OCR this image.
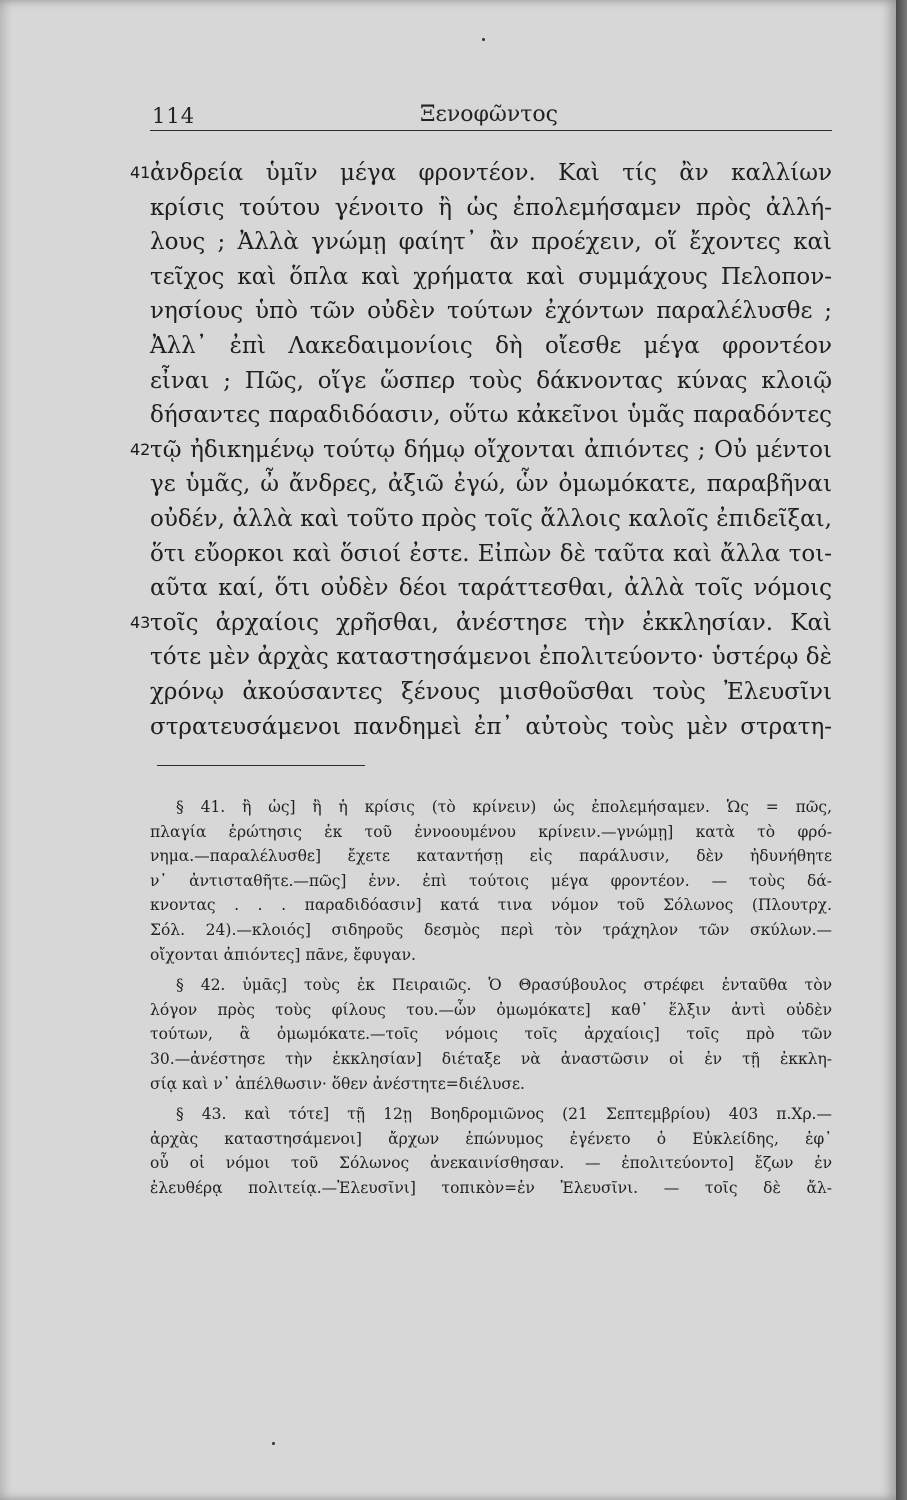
114	Ξενοφῶντος
41 ἀνδρεία ὑμῖν μέγα φροντέον. Καὶ τίς ἂν καλλίων
κρίσις τούτου γένοιτο ἢ ὡς ἐπολεμήσαμεν πρὸς ἀλλή-
λους ; Ἀλλὰ γνώμῃ φαίητ᾽ ἂν προέχειν, οἵ ἔχοντες καὶ
τεῖχος καὶ ὅπλα καὶ χρήματα καὶ συμμάχους Πελοπον-
νησίους ὑπὸ τῶν οὐδὲν τούτων ἐχόντων παραλέλυσθε ;
Ἀλλ᾽ ἐπὶ Λακεδαιμονίοις δὴ οἴεσθε μέγα φροντέον
εἶναι ; Πῶς, οἵγε ὥσπερ τοὺς δάκνοντας κύνας κλοιῷ
δήσαντες παραδιδόασιν, οὕτω κἀκεῖνοι ὑμᾶς παραδόντες
42 τῷ ἠδικημένῳ τούτῳ δήμῳ οἴχονται ἀπιόντες ; Οὐ μέντοι
γε ὑμᾶς, ὦ ἄνδρες, ἀξιῶ ἐγώ, ὧν ὀμωμόκατε, παραβῆναι
οὐδέν, ἀλλὰ καὶ τοῦτο πρὸς τοῖς ἄλλοις καλοῖς ἐπιδεῖξαι,
ὅτι εὔορκοι καὶ ὅσιοί ἐστε. Εἰπὼν δὲ ταῦτα καὶ ἄλλα τοι-
αῦτα καί, ὅτι οὐδὲν δέοι ταράττεσθαι, ἀλλὰ τοῖς νόμοις
43 τοῖς ἀρχαίοις χρῆσθαι, ἀνέστησε τὴν ἐκκλησίαν. Καὶ
τότε μὲν ἀρχὰς καταστησάμενοι ἐπολιτεύοντο· ὑστέρῳ δὲ
χρόνῳ ἀκούσαντες ξένους μισθοῦσθαι τοὺς Ἐλευσῖνι
στρατευσάμενοι πανδημεὶ ἐπ᾽ αὐτοὺς τοὺς μὲν στρατη-
§ 41. ἢ ὡς] ἢ ἡ κρίσις (τὸ κρίνειν) ὡς ἐπολεμήσαμεν. Ὡς = πῶς,
πλαγία ἐρώτησις ἐκ τοῦ ἐννοουμένου κρίνειν.—γνώμῃ] κατὰ τὸ φρό-
νημα.—παραλέλυσθε] ἔχετε καταντήσῃ εἰς παράλυσιν, δὲν ἠδυνήθητε
ν᾽ ἀντισταθῆτε.—πῶς] ἐνν. ἐπὶ τούτοις μέγα φροντέον. — τοὺς δά-
κνοντας . . . παραδιδόασιν] κατά τινα νόμον τοῦ Σόλωνος (Πλουτρχ.
Σόλ. 24).—κλοιός] σιδηροῦς δεσμὸς περὶ τὸν τράχηλον τῶν σκύλων.—
οἴχονται ἀπιόντες] πᾶνε, ἔφυγαν.
§ 42. ὑμᾶς] τοὺς ἐκ Πειραιῶς. Ὁ Θρασύβουλος στρέφει ἐνταῦθα τὸν
λόγον πρὸς τοὺς φίλους του.—ὧν ὀμωμόκατε] καθ᾽ ἕλξιν ἀντὶ οὐδὲν
τούτων, ἃ ὀμωμόκατε.—τοῖς νόμοις τοῖς ἀρχαίοις] τοῖς πρὸ τῶν
30.—ἀνέστησε τὴν ἐκκλησίαν] διέταξε νὰ ἀναστῶσιν οἱ ἐν τῇ ἐκκλη-
σίᾳ καὶ ν᾽ ἀπέλθωσιν· ὅθεν ἀνέστητε=διέλυσε.
§ 43. καὶ τότε] τῇ 12ῃ Βοηδρομιῶνος (21 Σεπτεμβρίου) 403 π.Χρ.—
ἀρχὰς καταστησάμενοι] ἄρχων ἐπώνυμος ἐγένετο ὁ Εὐκλείδης, ἐφ᾽
οὗ οἱ νόμοι τοῦ Σόλωνος ἀνεκαινίσθησαν. — ἐπολιτεύοντο] ἔζων ἐν
ἐλευθέρᾳ πολιτείᾳ.—Ἐλευσῖνι] τοπικὸν=ἐν Ἐλευσῖνι. — τοῖς δὲ ἄλ-
